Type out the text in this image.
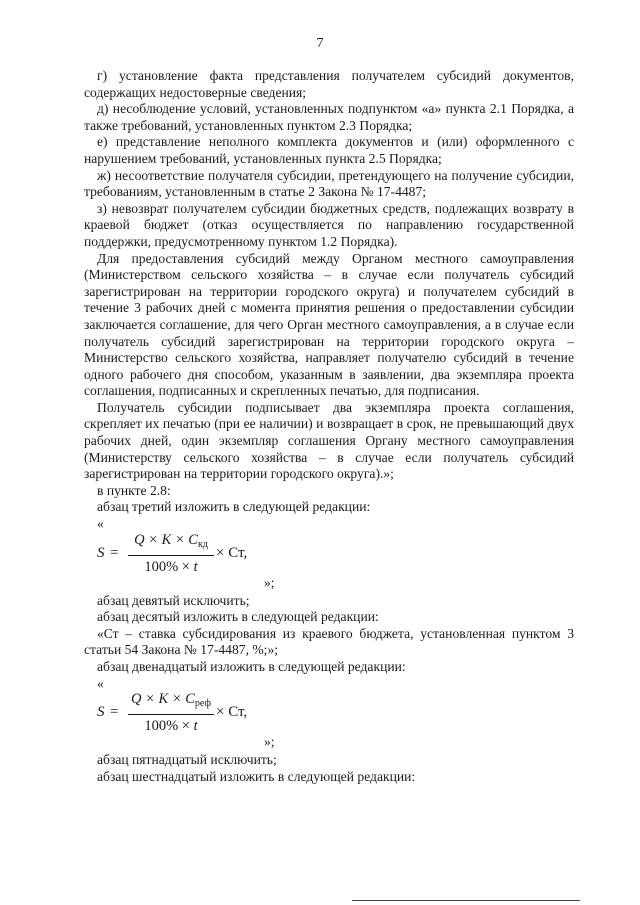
7

г) установление факта представления получателем субсидий документов, содержащих недостоверные сведения;

д) несоблюдение условий, установленных подпунктом «а» пункта 2.1 Порядка, а также требований, установленных пунктом 2.3 Порядка;

е) представление неполного комплекта документов и (или) оформленного с нарушением требований, установленных пункта 2.5 Порядка;

ж) несоответствие получателя субсидии, претендующего на получение субсидии, требованиям, установленным в статье 2 Закона № 17-4487;

з) невозврат получателем субсидии бюджетных средств, подлежащих возврату в краевой бюджет (отказ осуществляется по направлению государственной поддержки, предусмотренному пунктом 1.2 Порядка).

Для предоставления субсидий между Органом местного самоуправления (Министерством сельского хозяйства – в случае если получатель субсидий зарегистрирован на территории городского округа) и получателем субсидий в течение 3 рабочих дней с момента принятия решения о предоставлении субсидии заключается соглашение, для чего Орган местного самоуправления, а в случае если получатель субсидий зарегистрирован на территории городского округа – Министерство сельского хозяйства, направляет получателю субсидий в течение одного рабочего дня способом, указанным в заявлении, два экземпляра проекта соглашения, подписанных и скрепленных печатью, для подписания.

Получатель субсидии подписывает два экземпляра проекта соглашения, скрепляет их печатью (при ее наличии) и возвращает в срок, не превышающий двух рабочих дней, один экземпляр соглашения Органу местного самоуправления (Министерству сельского хозяйства – в случае если получатель субсидий зарегистрирован на территории городского округа).»;

в пункте 2.8:

абзац третий изложить в следующей редакции:

«
S =
$Q \times K \times C_{кд}$
100% × t
× Ст,
»;

абзац девятый исключить;

абзац десятый изложить в следующей редакции:

«Ст – ставка субсидирования из краевого бюджета, установленная пунктом 3 статьи 54 Закона № 17-4487, %;»;

абзац двенадцатый изложить в следующей редакции:

«
S =
$Q \times K \times C_{реф}$
100% × t
× Ст,
»;

абзац пятнадцатый исключить;

абзац шестнадцатый изложить в следующей редакции:
